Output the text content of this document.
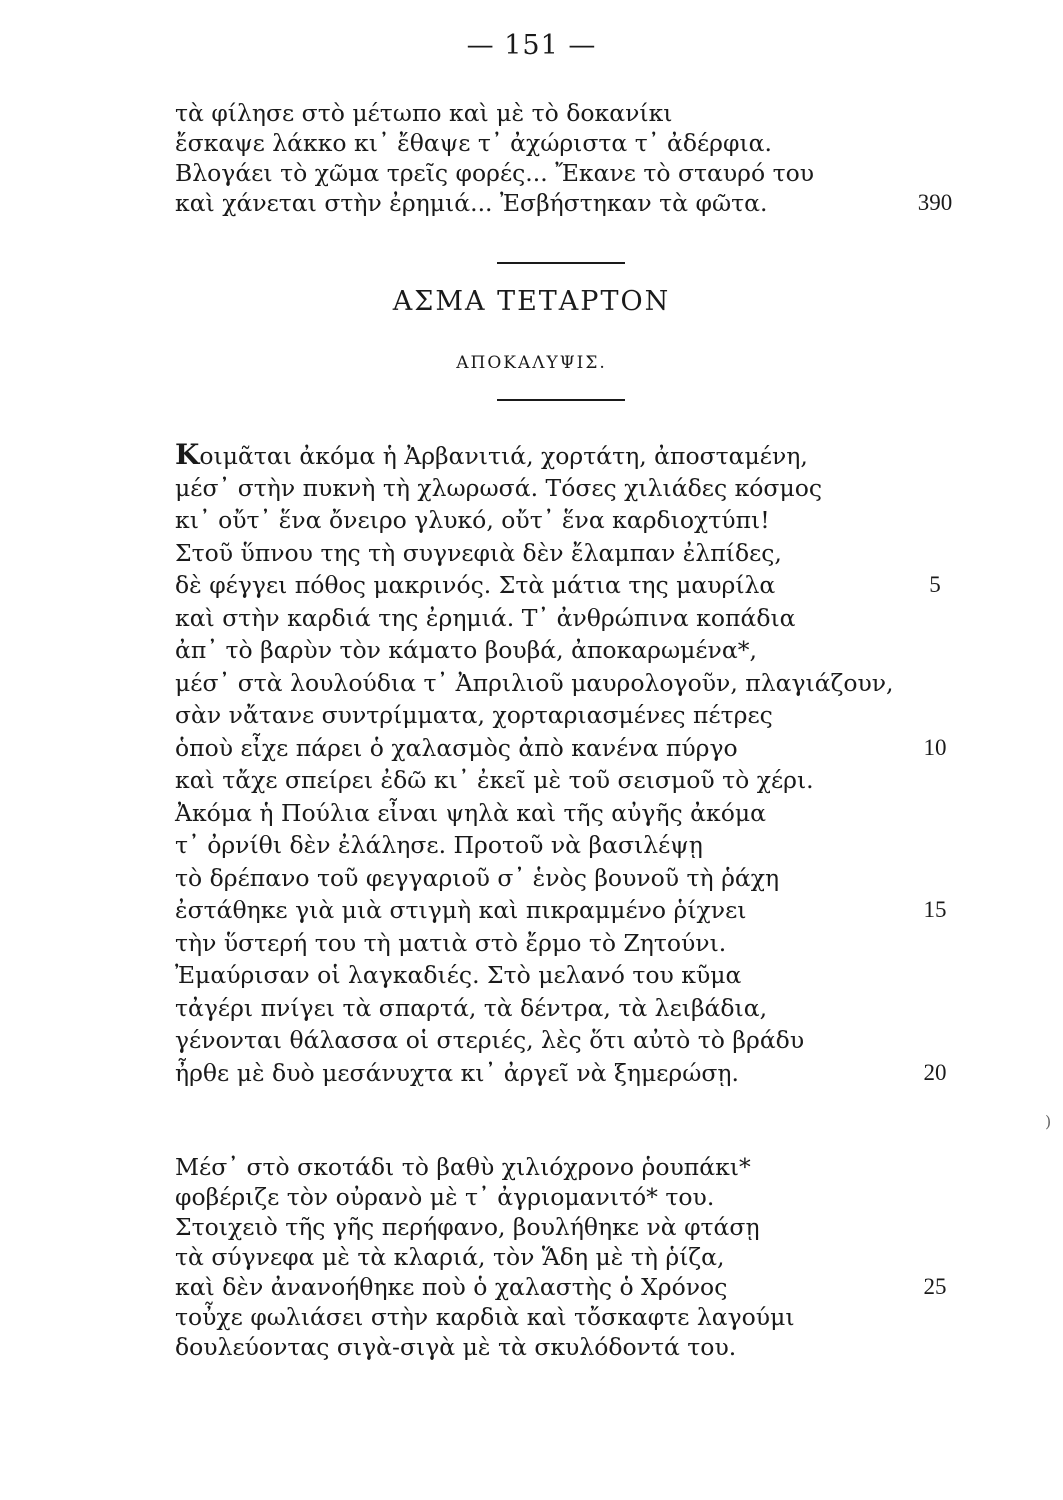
— 151 —
τὰ φίλησε στὸ μέτωπο καὶ μὲ τὸ δοκανίκι
ἔσκαψε λάκκο κι᾿ ἔθαψε τ᾿ ἀχώριστα τ᾿ ἀδέρφια.
Βλογάει τὸ χῶμα τρεῖς φορές... Ἔκανε τὸ σταυρό του
καὶ χάνεται στὴν ἐρημιά... Ἐσβήστηκαν τὰ φῶτα.	390
ΑΣΜΑ ΤΕΤΑΡΤΟΝ
ΑΠΟΚΑΛΥΨΙΣ.
Κοιμᾶται ἀκόμα ἡ Ἀρβανιτιά, χορτάτη, ἀποσταμένη,
μέσ᾿ στὴν πυκνὴ τὴ χλωρωσά. Τόσες χιλιάδες κόσμος
κι᾿ οὔτ᾿ ἕνα ὄνειρο γλυκό, οὔτ᾿ ἕνα καρδιοχτύπι!
Στοῦ ὕπνου της τὴ συγνεφιὰ δὲν ἔλαμπαν ἐλπίδες,
δὲ φέγγει πόθος μακρινός. Στὰ μάτια της μαυρίλα	5
καὶ στὴν καρδιά της ἐρημιά. Τ᾿ ἀνθρώπινα κοπάδια
ἀπ᾿ τὸ βαρὺν τὸν κάματο βουβά, ἀποκαρωμένα*,
μέσ᾿ στὰ λουλούδια τ᾿ Ἀπριλιοῦ μαυρολογοῦν, πλαγιάζουν,
σὰν νἄτανε συντρίμματα, χορταριασμένες πέτρες
ὁποὺ εἶχε πάρει ὁ χαλασμὸς ἀπὸ κανένα πύργο	10
καὶ τἄχε σπείρει ἐδῶ κι᾿ ἐκεῖ μὲ τοῦ σεισμοῦ τὸ χέρι.
Ἀκόμα ἡ Πούλια εἶναι ψηλὰ καὶ τῆς αὐγῆς ἀκόμα
τ᾿ ὀρνίθι δὲν ἐλάλησε. Προτοῦ νὰ βασιλέψῃ
τὸ δρέπανο τοῦ φεγγαριοῦ σ᾿ ἑνὸς βουνοῦ τὴ ῥάχη
ἐστάθηκε γιὰ μιὰ στιγμὴ καὶ πικραμμένο ῥίχνει	15
τὴν ὕστερή του τὴ ματιὰ στὸ ἔρμο τὸ Ζητούνι.
Ἐμαύρισαν οἱ λαγκαδιές. Στὸ μελανό του κῦμα
τἀγέρι πνίγει τὰ σπαρτά, τὰ δέντρα, τὰ λειβάδια,
γένονται θάλασσα οἱ στεριές, λὲς ὅτι αὐτὸ τὸ βράδυ
ἦρθε μὲ δυὸ μεσάνυχτα κι᾿ ἀργεῖ νὰ ξημερώσῃ.	20
Μέσ᾿ στὸ σκοτάδι τὸ βαθὺ χιλιόχρονο ῥουπάκι*
φοβέριζε τὸν οὐρανὸ μὲ τ᾿ ἀγριομανιτό* του.
Στοιχειὸ τῆς γῆς περήφανο, βουλήθηκε νὰ φτάσῃ
τὰ σύγνεφα μὲ τὰ κλαριά, τὸν Ἅδη μὲ τὴ ῥίζα,
καὶ δὲν ἀνανοήθηκε ποὺ ὁ χαλαστὴς ὁ Χρόνος	25
τοὖχε φωλιάσει στὴν καρδιὰ καὶ τὄσκαφτε λαγούμι
δουλεύοντας σιγὰ-σιγὰ μὲ τὰ σκυλόδοντά του.
)
